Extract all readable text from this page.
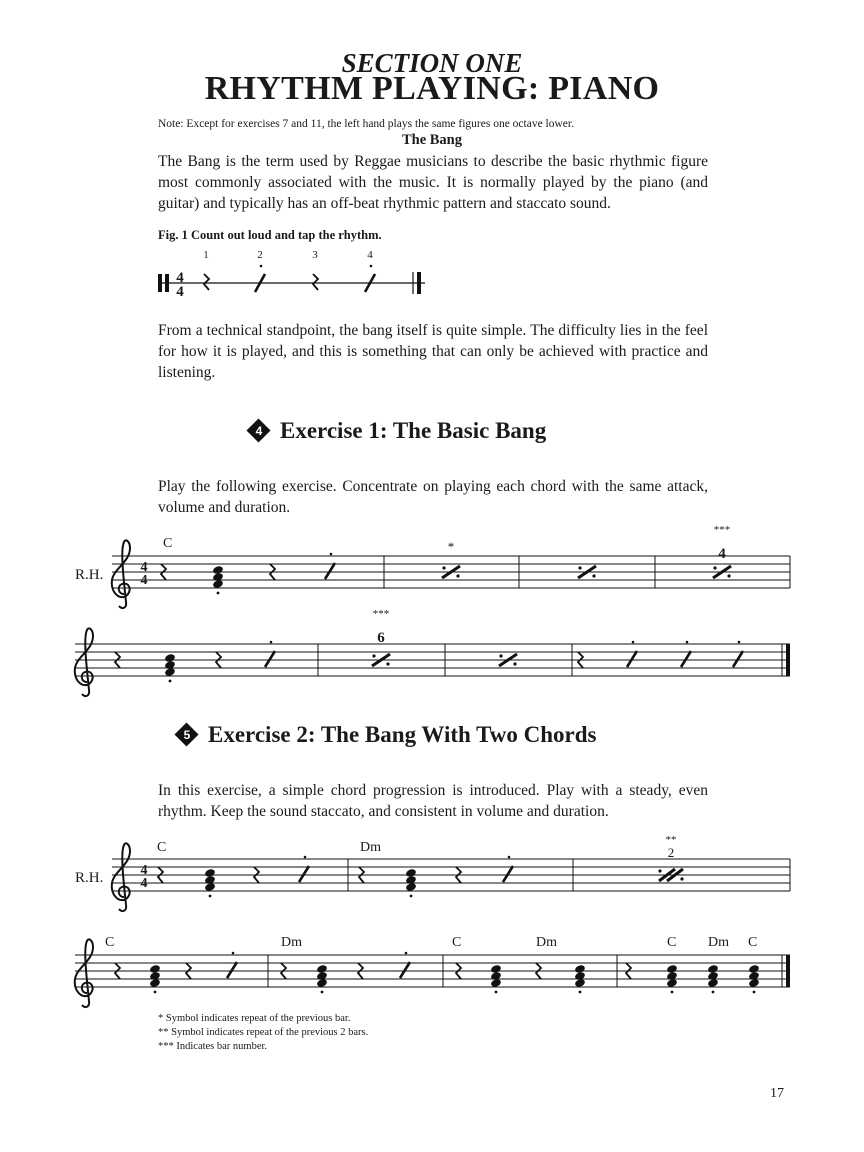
SECTION ONE
RHYTHM PLAYING: PIANO
Note: Except for exercises 7 and 11, the left hand plays the same figures one octave lower.
The Bang
The Bang is the term used by Reggae musicians to describe the basic rhythmic figure most commonly associated with the music. It is normally played by the piano (and guitar) and typically has an off-beat rhythmic pattern and staccato sound.
Fig. 1 Count out loud and tap the rhythm.
4
4
1	2	3	4
From a technical standpoint, the bang itself is quite simple. The difficulty lies in the feel for how it is played, and this is something that can only be achieved with practice and listening.
4 Exercise 1: The Basic Bang
Play the following exercise. Concentrate on playing each chord with the same attack, volume and duration.
R.H.	4
4
C	*
***
4
***
6
5 Exercise 2: The Bang With Two Chords
In this exercise, a simple chord progression is introduced. Play with a steady, even rhythm. Keep the sound staccato, and consistent in volume and duration.
R.H.	4
4
C	Dm	**
2
C	Dm	C	Dm	C Dm C
* Symbol indicates repeat of the previous bar.
** Symbol indicates repeat of the previous 2 bars.
*** Indicates bar number.
17
